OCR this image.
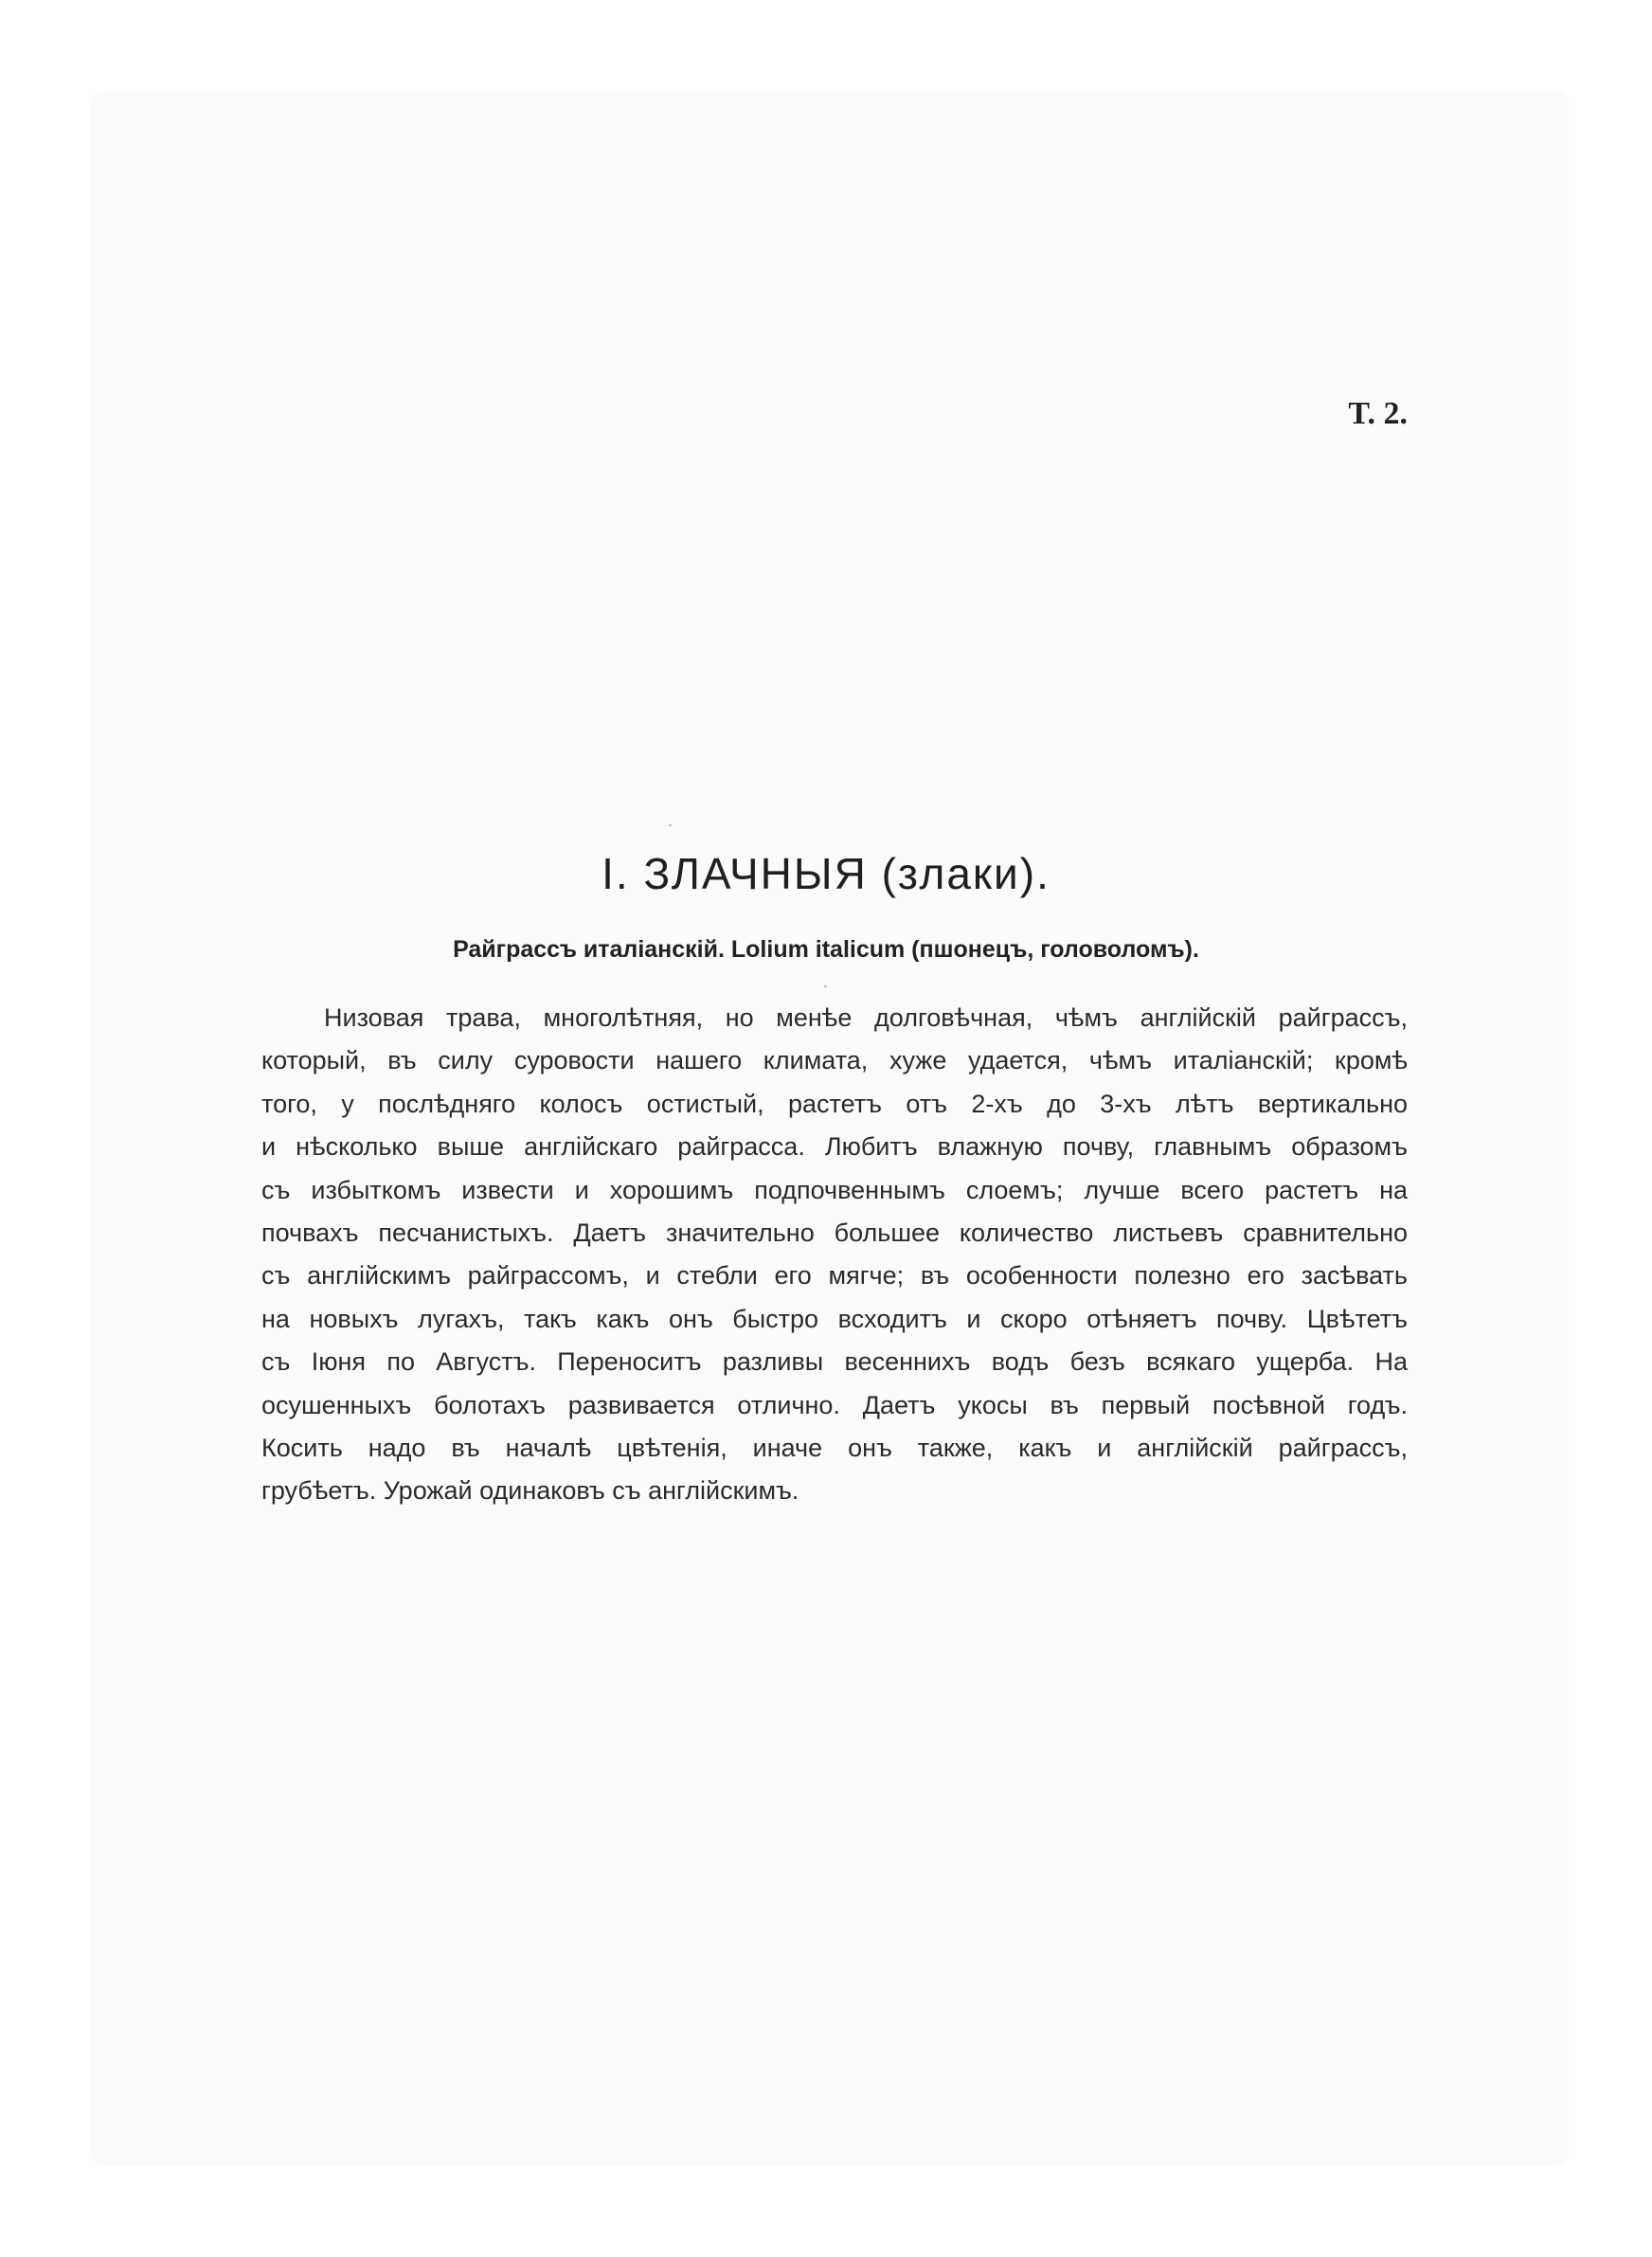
T. 2.
I. ЗЛАЧНЫЯ (злаки).
Райграссъ италіанскій. Lolium italicum (пшонецъ, головоломъ).
Низовая трава, многолѣтняя, но менѣе долговѣчная, чѣмъ англійскій райграссъ,
который, въ силу суровости нашего климата, хуже удается, чѣмъ италіанскій; кромѣ
того, у послѣдняго колосъ остистый, растетъ отъ 2-хъ до 3-хъ лѣтъ вертикально
и нѣсколько выше англійскаго райграсса. Любитъ влажную почву, главнымъ образомъ
съ избыткомъ извести и хорошимъ подпочвеннымъ слоемъ; лучше всего растетъ на
почвахъ песчанистыхъ. Даетъ значительно большее количество листьевъ сравнительно
съ англійскимъ райграссомъ, и стебли его мягче; въ особенности полезно его засѣвать
на новыхъ лугахъ, такъ какъ онъ быстро всходитъ и скоро отѣняетъ почву. Цвѣтетъ
съ Іюня по Августъ. Переноситъ разливы весеннихъ водъ безъ всякаго ущерба. На
осушенныхъ болотахъ развивается отлично. Даетъ укосы въ первый посѣвной годъ.
Косить надо въ началѣ цвѣтенія, иначе онъ также, какъ и англійскій райграссъ,
грубѣетъ. Урожай одинаковъ съ англійскимъ.
